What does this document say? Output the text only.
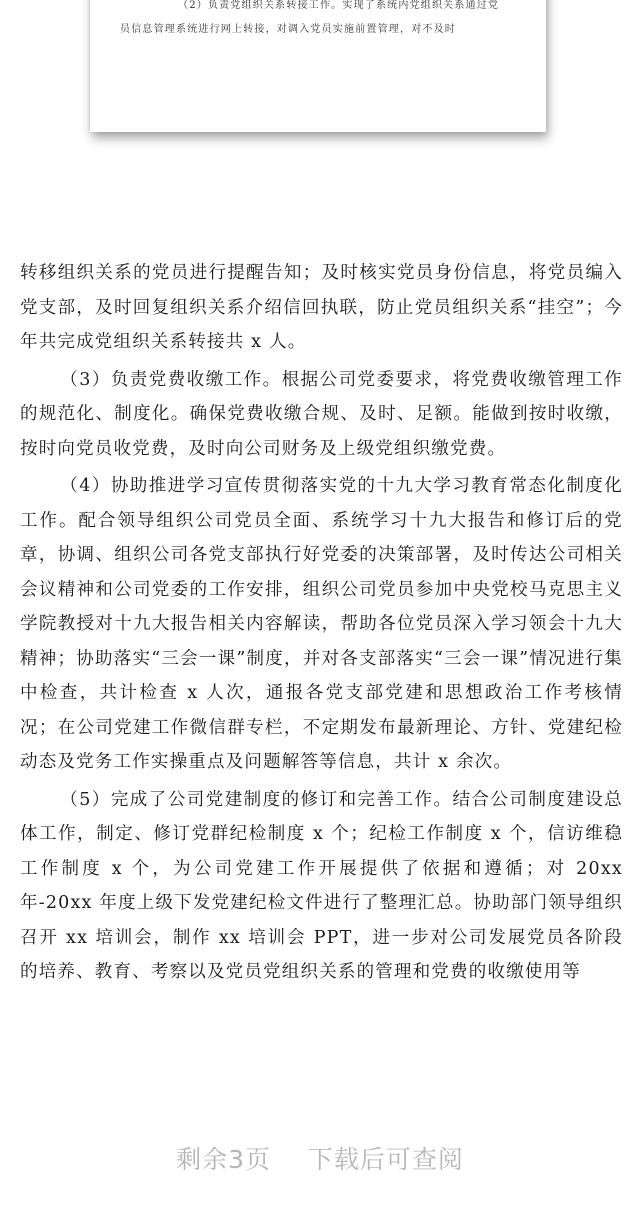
（2）负责党组织关系转接工作。实现了系统内党组织关系通过党
员信息管理系统进行网上转接，对调入党员实施前置管理，对不及时

转移组织关系的党员进行提醒告知；及时核实党员身份信息，将党员编入党支部，及时回复组织关系介绍信回执联，防止党员组织关系“挂空”；今年共完成党组织关系转接共 x 人。

（3）负责党费收缴工作。根据公司党委要求，将党费收缴管理工作的规范化、制度化。确保党费收缴合规、及时、足额。能做到按时收缴，按时向党员收党费，及时向公司财务及上级党组织缴党费。

（4）协助推进学习宣传贯彻落实党的十九大学习教育常态化制度化工作。配合领导组织公司党员全面、系统学习十九大报告和修订后的党章，协调、组织公司各党支部执行好党委的决策部署，及时传达公司相关会议精神和公司党委的工作安排，组织公司党员参加中央党校马克思主义学院教授对十九大报告相关内容解读，帮助各位党员深入学习领会十九大精神；协助落实“三会一课”制度，并对各支部落实“三会一课”情况进行集中检查，共计检查 x 人次，通报各党支部党建和思想政治工作考核情况；在公司党建工作微信群专栏，不定期发布最新理论、方针、党建纪检动态及党务工作实操重点及问题解答等信息，共计 x 余次。

（5）完成了公司党建制度的修订和完善工作。结合公司制度建设总体工作，制定、修订党群纪检制度 x 个；纪检工作制度 x 个，信访维稳工作制度 x 个，为公司党建工作开展提供了依据和遵循；对 20xx 年-20xx 年度上级下发党建纪检文件进行了整理汇总。协助部门领导组织召开 xx 培训会，制作 xx 培训会 PPT，进一步对公司发展党员各阶段的培养、教育、考察以及党员党组织关系的管理和党费的收缴使用等

剩余3页 下载后可查阅
